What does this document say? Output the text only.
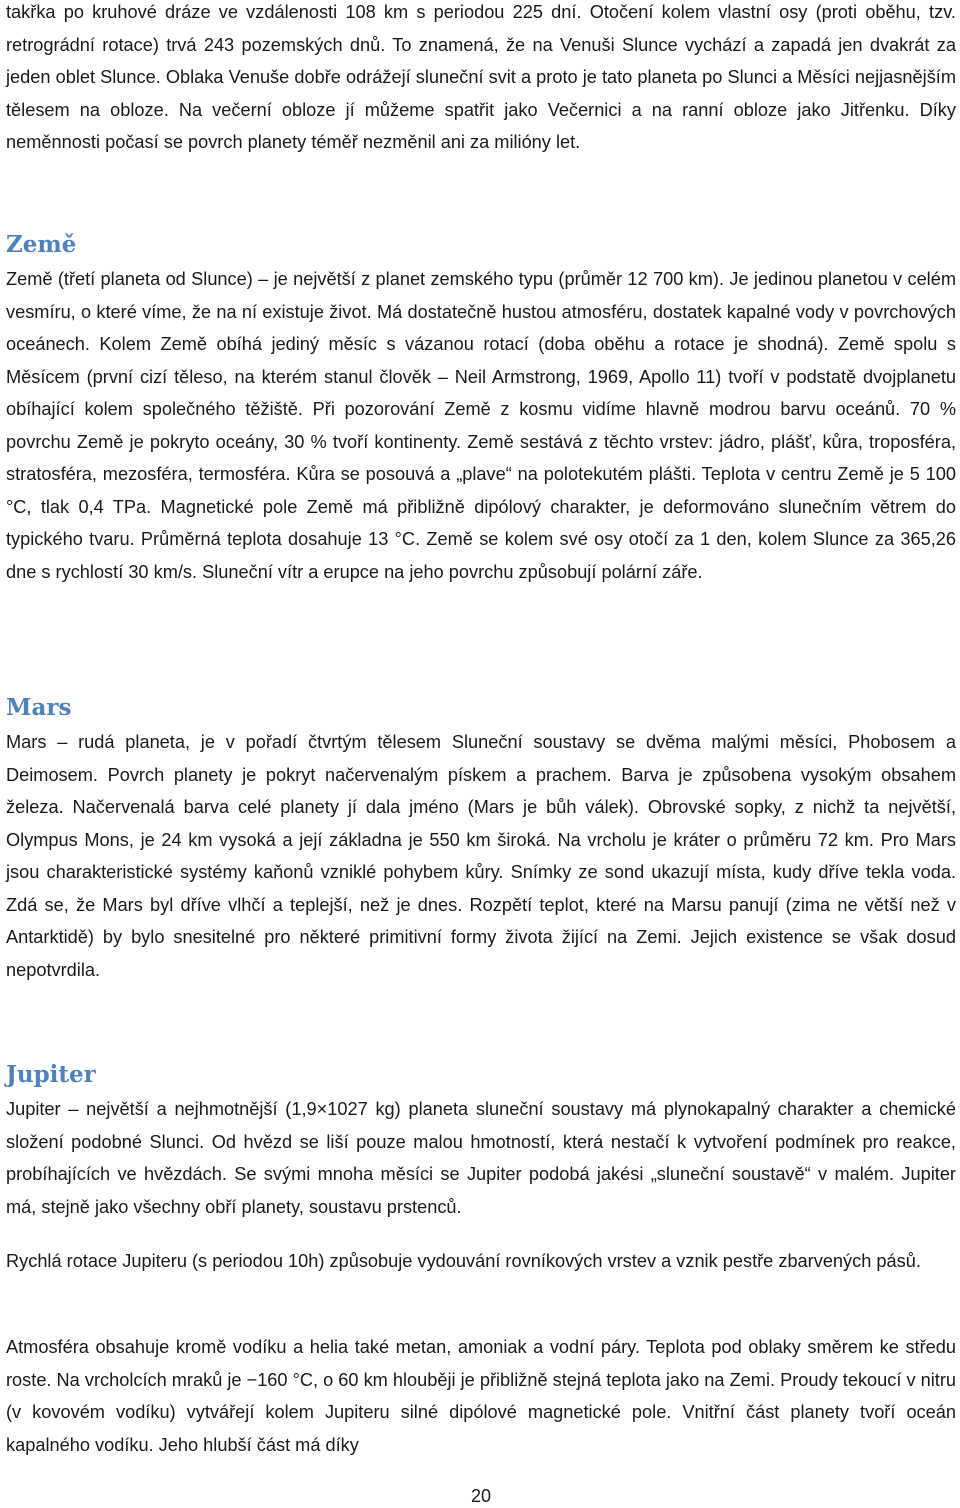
takřka po kruhové dráze ve vzdálenosti 108 km s periodou 225 dní. Otočení kolem vlastní osy (proti oběhu, tzv. retrográdní rotace) trvá 243 pozemských dnů. To znamená, že na Venuši Slunce vychází a zapadá jen dvakrát za jeden oblet Slunce. Oblaka Venuše dobře odrážejí sluneční svit a proto je tato planeta po Slunci a Měsíci nejjasnějším tělesem na obloze. Na večerní obloze jí můžeme spatřit jako Večernici a na ranní obloze jako Jitřenku. Díky neměnnosti počasí se povrch planety téměř nezměnil ani za milióny let.

Země

Země (třetí planeta od Slunce) – je největší z planet zemského typu (průměr 12 700 km). Je jedinou planetou v celém vesmíru, o které víme, že na ní existuje život. Má dostatečně hustou atmosféru, dostatek kapalné vody v povrchových oceánech. Kolem Země obíhá jediný měsíc s vázanou rotací (doba oběhu a rotace je shodná). Země spolu s Měsícem (první cizí těleso, na kterém stanul člověk – Neil Armstrong, 1969, Apollo 11) tvoří v podstatě dvojplanetu obíhající kolem společného těžiště. Při pozorování Země z kosmu vidíme hlavně modrou barvu oceánů. 70 % povrchu Země je pokryto oceány, 30 % tvoří kontinenty. Země sestává z těchto vrstev: jádro, plášť, kůra, troposféra, stratosféra, mezosféra, termosféra. Kůra se posouvá a „plave“ na polotekutém plášti. Teplota v centru Země je 5 100 °C, tlak 0,4 TPa. Magnetické pole Země má přibližně dipólový charakter, je deformováno slunečním větrem do typického tvaru. Průměrná teplota dosahuje 13 °C. Země se kolem své osy otočí za 1 den, kolem Slunce za 365,26 dne s rychlostí 30 km/s. Sluneční vítr a erupce na jeho povrchu způsobují polární záře.

Mars

Mars – rudá planeta, je v pořadí čtvrtým tělesem Sluneční soustavy se dvěma malými měsíci, Phobosem a Deimosem. Povrch planety je pokryt načervenalým pískem a prachem. Barva je způsobena vysokým obsahem železa. Načervenalá barva celé planety jí dala jméno (Mars je bůh válek). Obrovské sopky, z nichž ta největší, Olympus Mons, je 24 km vysoká a její základna je 550 km široká. Na vrcholu je kráter o průměru 72 km. Pro Mars jsou charakteristické systémy kaňonů vzniklé pohybem kůry. Snímky ze sond ukazují místa, kudy dříve tekla voda. Zdá se, že Mars byl dříve vlhčí a teplejší, než je dnes. Rozpětí teplot, které na Marsu panují (zima ne větší než v Antarktidě) by bylo snesitelné pro některé primitivní formy života žijící na Zemi. Jejich existence se však dosud nepotvrdila.

Jupiter

Jupiter – největší a nejhmotnější (1,9×1027 kg) planeta sluneční soustavy má plynokapalný charakter a chemické složení podobné Slunci. Od hvězd se liší pouze malou hmotností, která nestačí k vytvoření podmínek pro reakce, probíhajících ve hvězdách. Se svými mnoha měsíci se Jupiter podobá jakési „sluneční soustavě“ v malém. Jupiter má, stejně jako všechny obří planety, soustavu prstenců.

Rychlá rotace Jupiteru (s periodou 10h) způsobuje vydouvání rovníkových vrstev a vznik pestře zbarvených pásů.

Atmosféra obsahuje kromě vodíku a helia také metan, amoniak a vodní páry. Teplota pod oblaky směrem ke středu roste. Na vrcholcích mraků je −160 °C, o 60 km hlouběji je přibližně stejná teplota jako na Zemi. Proudy tekoucí v nitru (v kovovém vodíku) vytvářejí kolem Jupiteru silné dipólové magnetické pole. Vnitřní část planety tvoří oceán kapalného vodíku. Jeho hlubší část má díky

20
